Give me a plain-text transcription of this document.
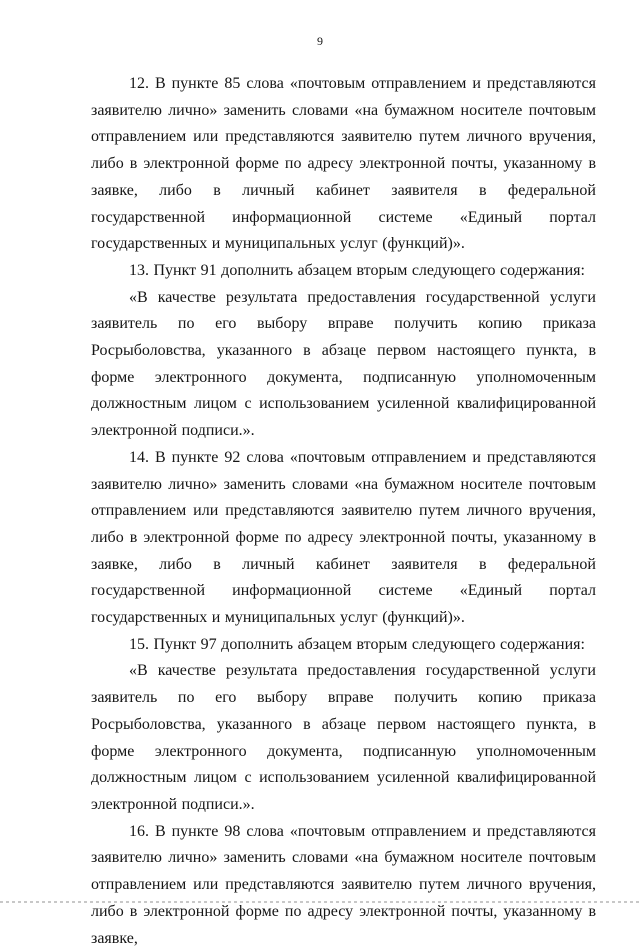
9

12. В пункте 85 слова «почтовым отправлением и представляются заявителю лично» заменить словами «на бумажном носителе почтовым отправлением или представляются заявителю путем личного вручения, либо в электронной форме по адресу электронной почты, указанному в заявке, либо в личный кабинет заявителя в федеральной государственной информационной системе «Единый портал государственных и муниципальных услуг (функций)».

13. Пункт 91 дополнить абзацем вторым следующего содержания:

«В качестве результата предоставления государственной услуги заявитель по его выбору вправе получить копию приказа Росрыболовства, указанного в абзаце первом настоящего пункта, в форме электронного документа, подписанную уполномоченным должностным лицом с использованием усиленной квалифицированной электронной подписи.».

14. В пункте 92 слова «почтовым отправлением и представляются заявителю лично» заменить словами «на бумажном носителе почтовым отправлением или представляются заявителю путем личного вручения, либо в электронной форме по адресу электронной почты, указанному в заявке, либо в личный кабинет заявителя в федеральной государственной информационной системе «Единый портал государственных и муниципальных услуг (функций)».

15. Пункт 97 дополнить абзацем вторым следующего содержания:

«В качестве результата предоставления государственной услуги заявитель по его выбору вправе получить копию приказа Росрыболовства, указанного в абзаце первом настоящего пункта, в форме электронного документа, подписанную уполномоченным должностным лицом с использованием усиленной квалифицированной электронной подписи.».

16. В пункте 98 слова «почтовым отправлением и представляются заявителю лично» заменить словами «на бумажном носителе почтовым отправлением или представляются заявителю путем личного вручения, либо в электронной форме по адресу электронной почты, указанному в заявке,
